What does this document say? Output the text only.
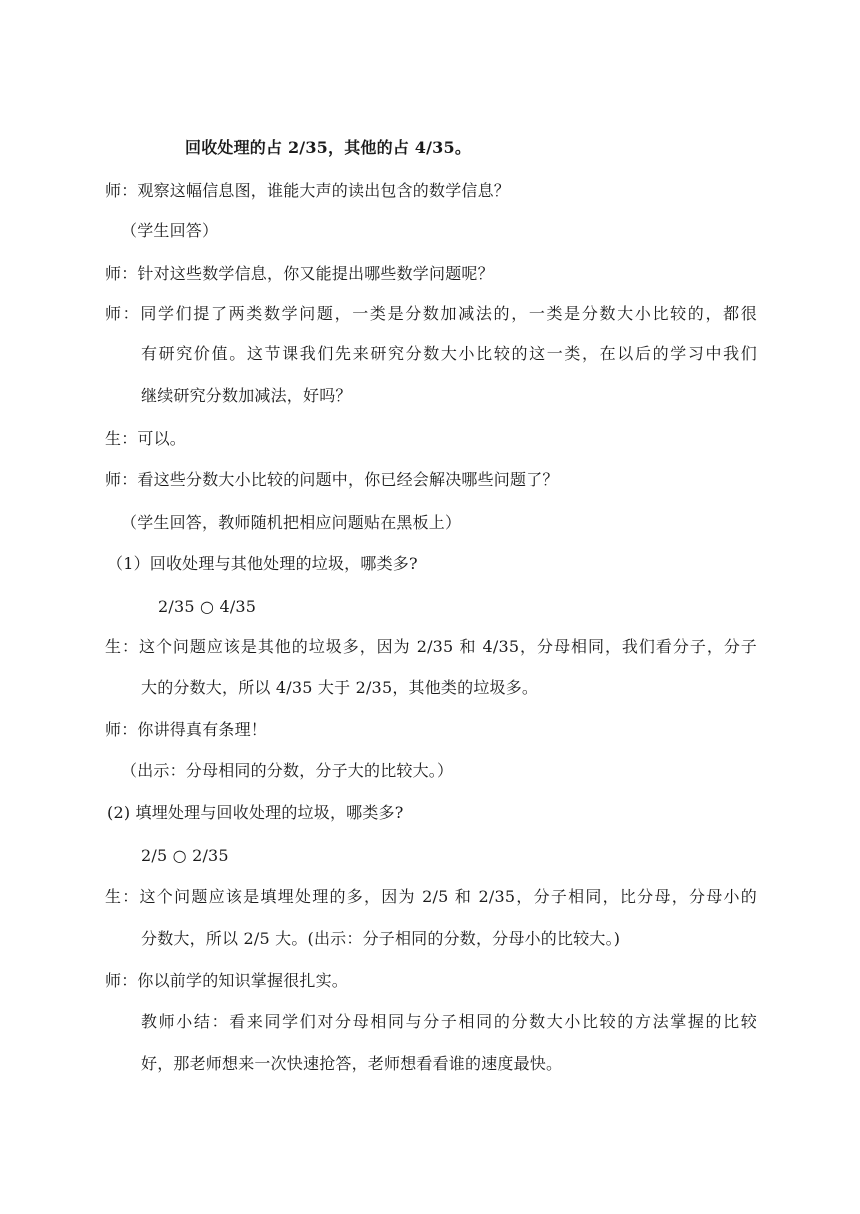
回收处理的占 2/35，其他的占 4/35。
师：观察这幅信息图，谁能大声的读出包含的数学信息？
（学生回答）
师：针对这些数学信息，你又能提出哪些数学问题呢？
师：同学们提了两类数学问题，一类是分数加减法的，一类是分数大小比较的，都很
有研究价值。这节课我们先来研究分数大小比较的这一类，在以后的学习中我们
继续研究分数加减法，好吗？
生：可以。
师：看这些分数大小比较的问题中，你已经会解决哪些问题了？
（学生回答，教师随机把相应问题贴在黑板上）
（1）回收处理与其他处理的垃圾，哪类多?
2/35 ○ 4/35
生：这个问题应该是其他的垃圾多，因为 2/35 和 4/35，分母相同，我们看分子，分子
大的分数大，所以 4/35 大于 2/35，其他类的垃圾多。
师：你讲得真有条理！
（出示：分母相同的分数，分子大的比较大。）
(2) 填埋处理与回收处理的垃圾，哪类多?
2/5 ○ 2/35
生：这个问题应该是填埋处理的多，因为 2/5 和 2/35，分子相同，比分母，分母小的
分数大，所以 2/5 大。(出示：分子相同的分数，分母小的比较大。)
师：你以前学的知识掌握很扎实。
教师小结：看来同学们对分母相同与分子相同的分数大小比较的方法掌握的比较
好，那老师想来一次快速抢答，老师想看看谁的速度最快。
